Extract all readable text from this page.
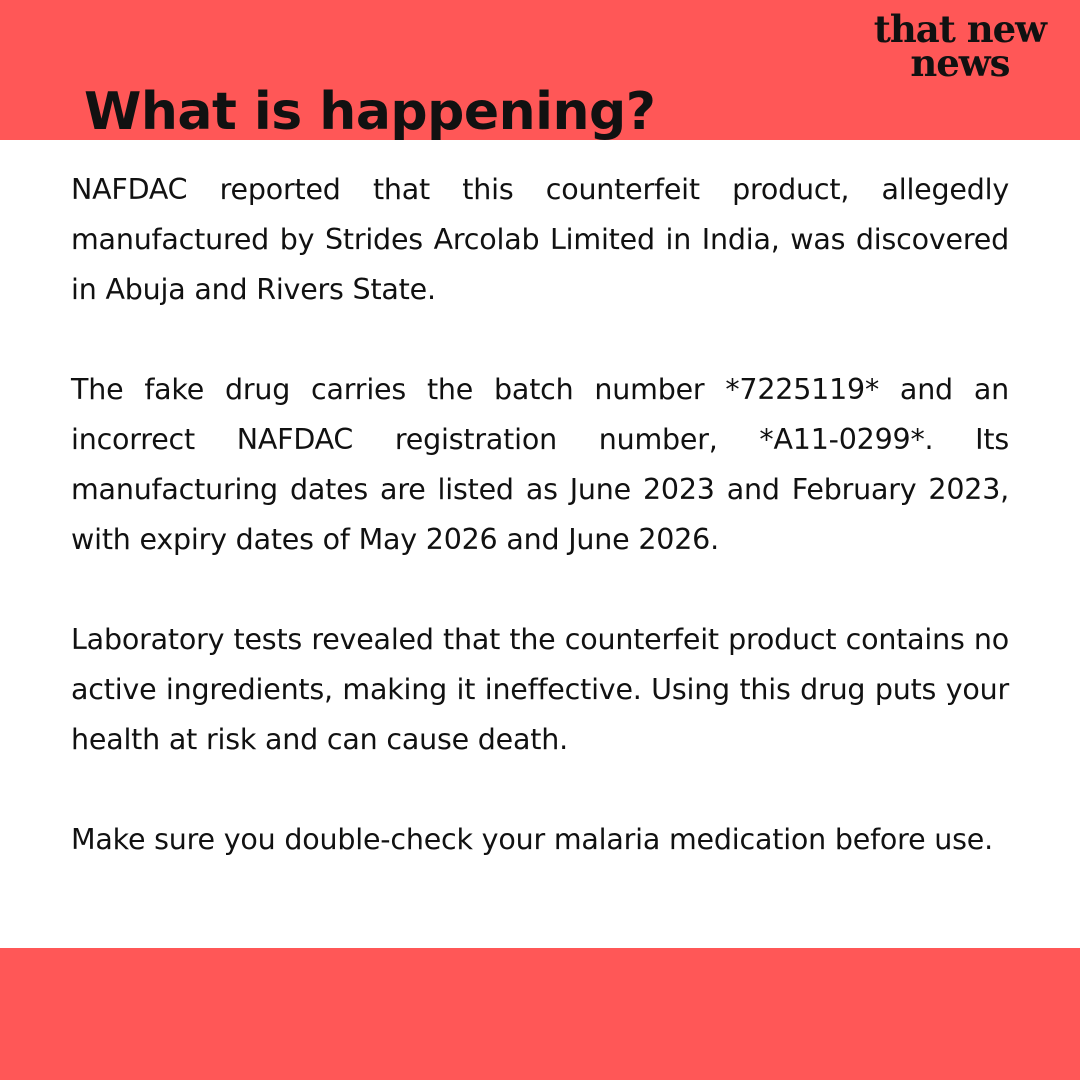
that new
news
What is happening?

NAFDAC reported that this counterfeit product, allegedly manufactured by Strides Arcolab Limited in India, was discovered in Abuja and Rivers State.

The fake drug carries the batch number *7225119* and an incorrect NAFDAC registration number, *A11-0299*. Its manufacturing dates are listed as June 2023 and February 2023, with expiry dates of May 2026 and June 2026.

Laboratory tests revealed that the counterfeit product contains no active ingredients, making it ineffective. Using this drug puts your health at risk and can cause death.

Make sure you double-check your malaria medication before use.
